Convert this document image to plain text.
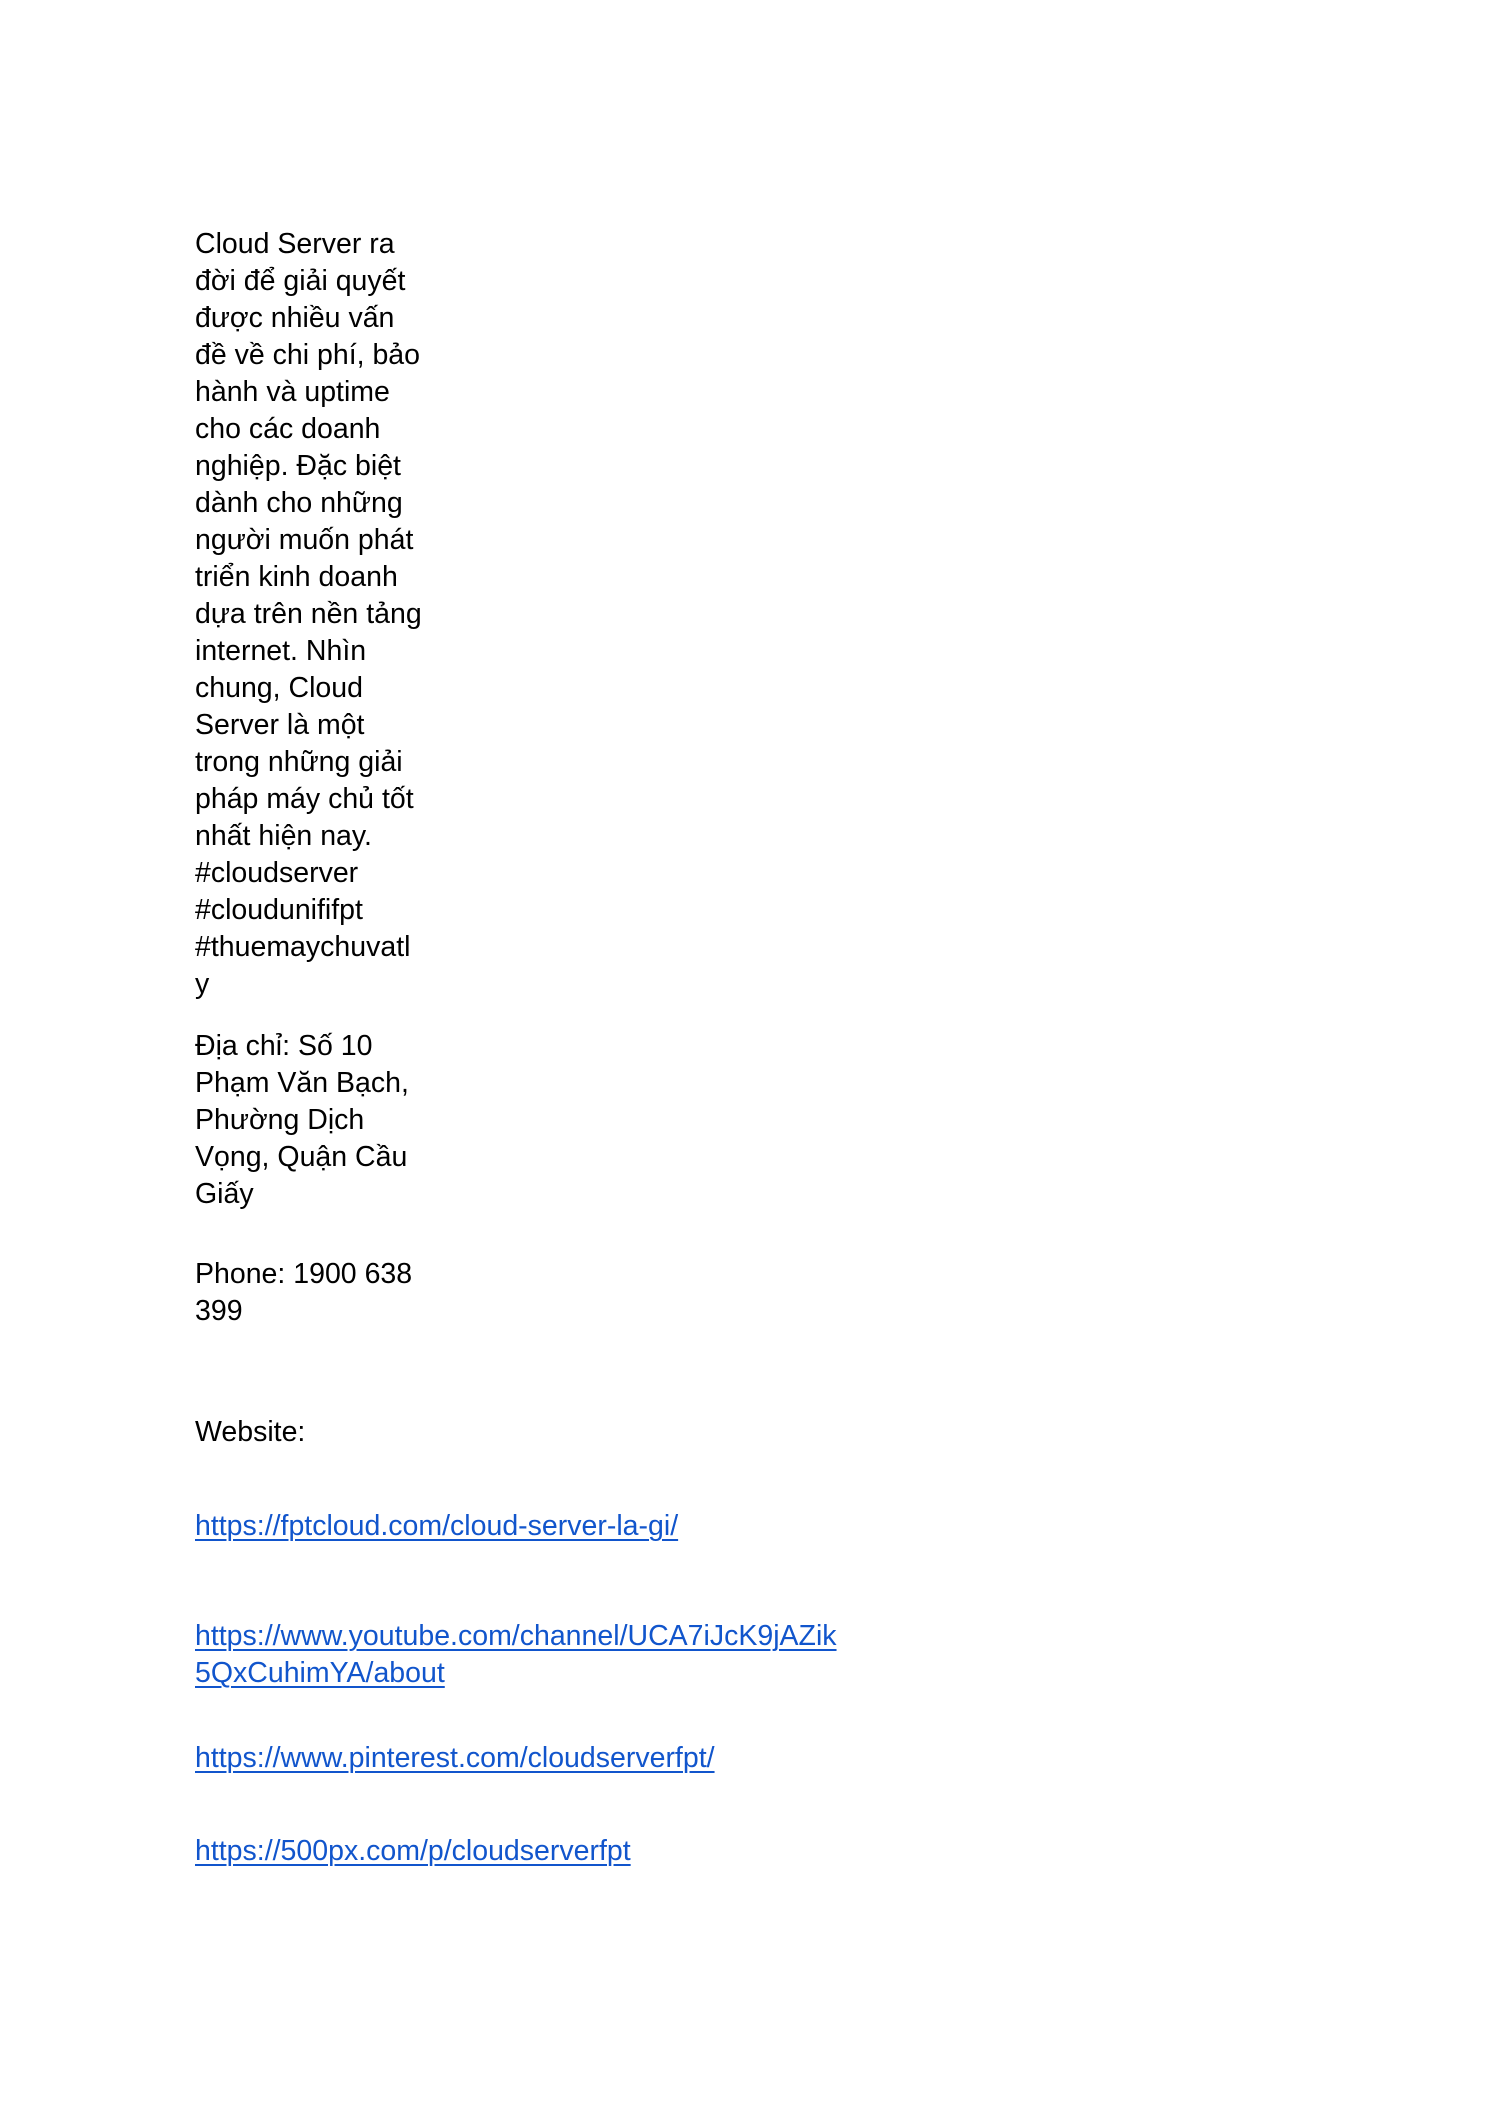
Cloud Server ra
đời để giải quyết
được nhiều vấn
đề về chi phí, bảo
hành và uptime
cho các doanh
nghiệp. Đặc biệt
dành cho những
người muốn phát
triển kinh doanh
dựa trên nền tảng
internet. Nhìn
chung, Cloud
Server là một
trong những giải
pháp máy chủ tốt
nhất hiện nay.
#cloudserver
#cloudunififpt
#thuemaychuvatl
y
Địa chỉ: Số 10
Phạm Văn Bạch,
Phường Dịch
Vọng, Quận Cầu
Giấy
Phone: 1900 638
399
Website:
https://fptcloud.com/cloud-server-la-gi/
https://www.youtube.com/channel/UCA7iJcK9jAZik
5QxCuhimYA/about
https://www.pinterest.com/cloudserverfpt/
https://500px.com/p/cloudserverfpt
